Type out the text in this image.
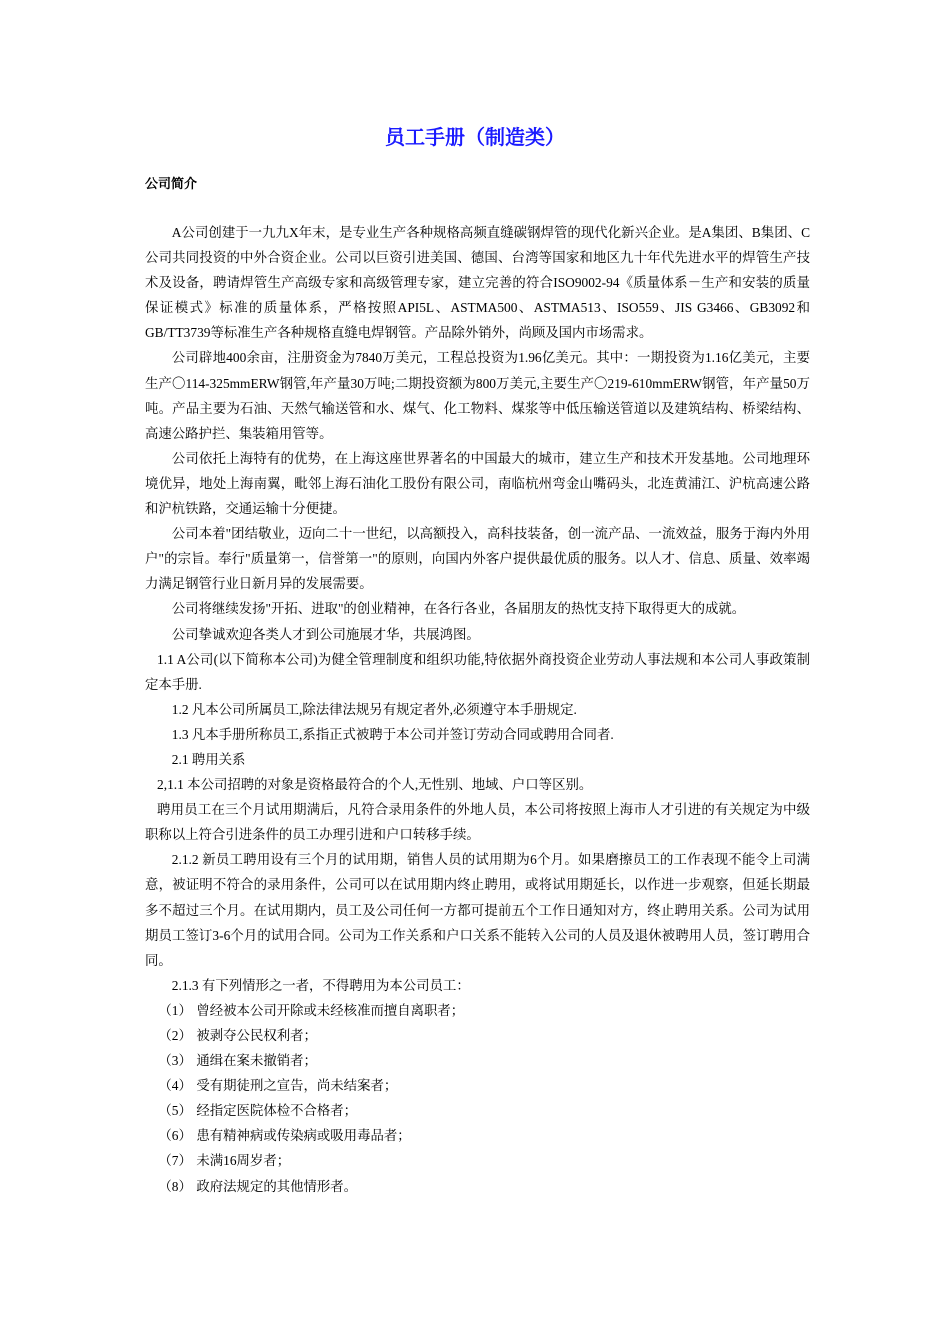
员工手册（制造类）
公司简介

A公司创建于一九九X年末，是专业生产各种规格高频直缝碳钢焊管的现代化新兴企业。是A集团、B集团、C公司共同投资的中外合资企业。公司以巨资引进美国、德国、台湾等国家和地区九十年代先进水平的焊管生产技术及设备，聘请焊管生产高级专家和高级管理专家，建立完善的符合ISO9002-94《质量体系－生产和安装的质量保证模式》标准的质量体系，严格按照API5L、ASTMA500、ASTMA513、ISO559、JIS G3466、GB3092和GB/TT3739等标准生产各种规格直缝电焊钢管。产品除外销外，尚顾及国内市场需求。

公司辟地400余亩，注册资金为7840万美元，工程总投资为1.96亿美元。其中：一期投资为1.16亿美元，主要生产〇114-325mmERW钢管,年产量30万吨;二期投资额为800万美元,主要生产〇219-610mmERW钢管，年产量50万吨。产品主要为石油、天然气输送管和水、煤气、化工物料、煤浆等中低压输送管道以及建筑结构、桥梁结构、高速公路护拦、集装箱用管等。

公司依托上海特有的优势，在上海这座世界著名的中国最大的城市，建立生产和技术开发基地。公司地理环境优异，地处上海南翼，毗邻上海石油化工股份有限公司，南临杭州弯金山嘴码头，北连黄浦江、沪杭高速公路和沪杭铁路，交通运输十分便捷。

公司本着"团结敬业，迈向二十一世纪，以高额投入，高科技装备，创一流产品、一流效益，服务于海内外用户"的宗旨。奉行"质量第一，信誉第一"的原则，向国内外客户提供最优质的服务。以人才、信息、质量、效率竭力满足钢管行业日新月异的发展需要。

公司将继续发扬"开拓、进取"的创业精神，在各行各业，各届朋友的热忱支持下取得更大的成就。

公司挚诚欢迎各类人才到公司施展才华，共展鸿图。

1.1 A公司(以下简称本公司)为健全管理制度和组织功能,特依据外商投资企业劳动人事法规和本公司人事政策制定本手册.

1.2 凡本公司所属员工,除法律法规另有规定者外,必须遵守本手册规定.

1.3 凡本手册所称员工,系指正式被聘于本公司并签订劳动合同或聘用合同者.

2.1 聘用关系

2,1.1 本公司招聘的对象是资格最符合的个人,无性别、地域、户口等区别。

聘用员工在三个月试用期满后，凡符合录用条件的外地人员，本公司将按照上海市人才引进的有关规定为中级职称以上符合引进条件的员工办理引进和户口转移手续。

2.1.2 新员工聘用设有三个月的试用期，销售人员的试用期为6个月。如果磨擦员工的工作表现不能令上司满意，被证明不符合的录用条件，公司可以在试用期内终止聘用，或将试用期延长，以作进一步观察，但延长期最多不超过三个月。在试用期内，员工及公司任何一方都可提前五个工作日通知对方，终止聘用关系。公司为试用期员工签订3-6个月的试用合同。公司为工作关系和户口关系不能转入公司的人员及退休被聘用人员，签订聘用合同。

2.1.3 有下列情形之一者，不得聘用为本公司员工：

（1） 曾经被本公司开除或未经核准而擅自离职者；
（2） 被剥夺公民权利者；
（3） 通缉在案未撤销者；
（4） 受有期徒刑之宣告，尚未结案者；
（5） 经指定医院体检不合格者；
（6） 患有精神病或传染病或吸用毒品者；
（7） 未满16周岁者；
（8） 政府法规定的其他情形者。
